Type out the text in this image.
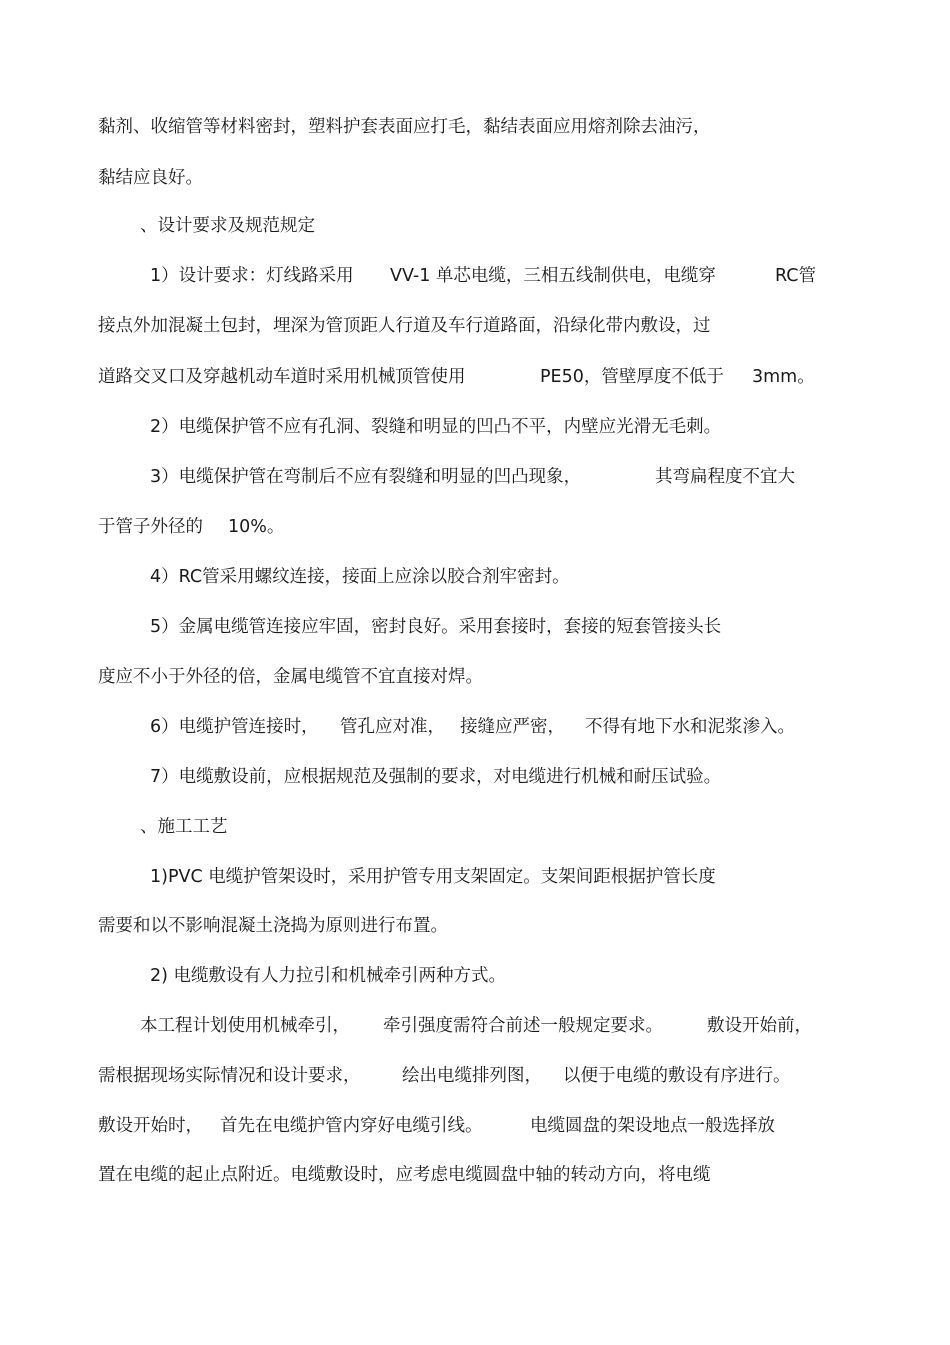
黏剂、收缩管等材料密封，塑料护套表面应打毛，黏结表面应用熔剂除去油污，
黏结应良好。
、设计要求及规范规定
1）设计要求：灯线路采用 VV-1 单芯电缆，三相五线制供电，电缆穿	RC管
接点外加混凝土包封，埋深为管顶距人行道及车行道路面，沿绿化带内敷设，过
道路交叉口及穿越机动车道时采用机械顶管使用	PE50，管壁厚度不低于 3mm。
2）电缆保护管不应有孔洞、裂缝和明显的凹凸不平，内壁应光滑无毛刺。
3）电缆保护管在弯制后不应有裂缝和明显的凹凸现象，	其弯扁程度不宜大
于管子外径的 10%。
4）RC管采用螺纹连接，接面上应涂以胶合剂牢密封。
5）金属电缆管连接应牢固，密封良好。采用套接时，套接的短套管接头长
度应不小于外径的倍，金属电缆管不宜直接对焊。
6）电缆护管连接时， 管孔应对准， 接缝应严密， 不得有地下水和泥浆渗入。
7）电缆敷设前，应根据规范及强制的要求，对电缆进行机械和耐压试验。
、施工工艺
1)PVC 电缆护管架设时，采用护管专用支架固定。支架间距根据护管长度
需要和以不影响混凝土浇捣为原则进行布置。
2) 电缆敷设有人力拉引和机械牵引两种方式。
本工程计划使用机械牵引， 牵引强度需符合前述一般规定要求。	敷设开始前，
需根据现场实际情况和设计要求， 绘出电缆排列图， 以便于电缆的敷设有序进行。
敷设开始时， 首先在电缆护管内穿好电缆引线。	电缆圆盘的架设地点一般选择放
置在电缆的起止点附近。电缆敷设时，应考虑电缆圆盘中轴的转动方向，将电缆
